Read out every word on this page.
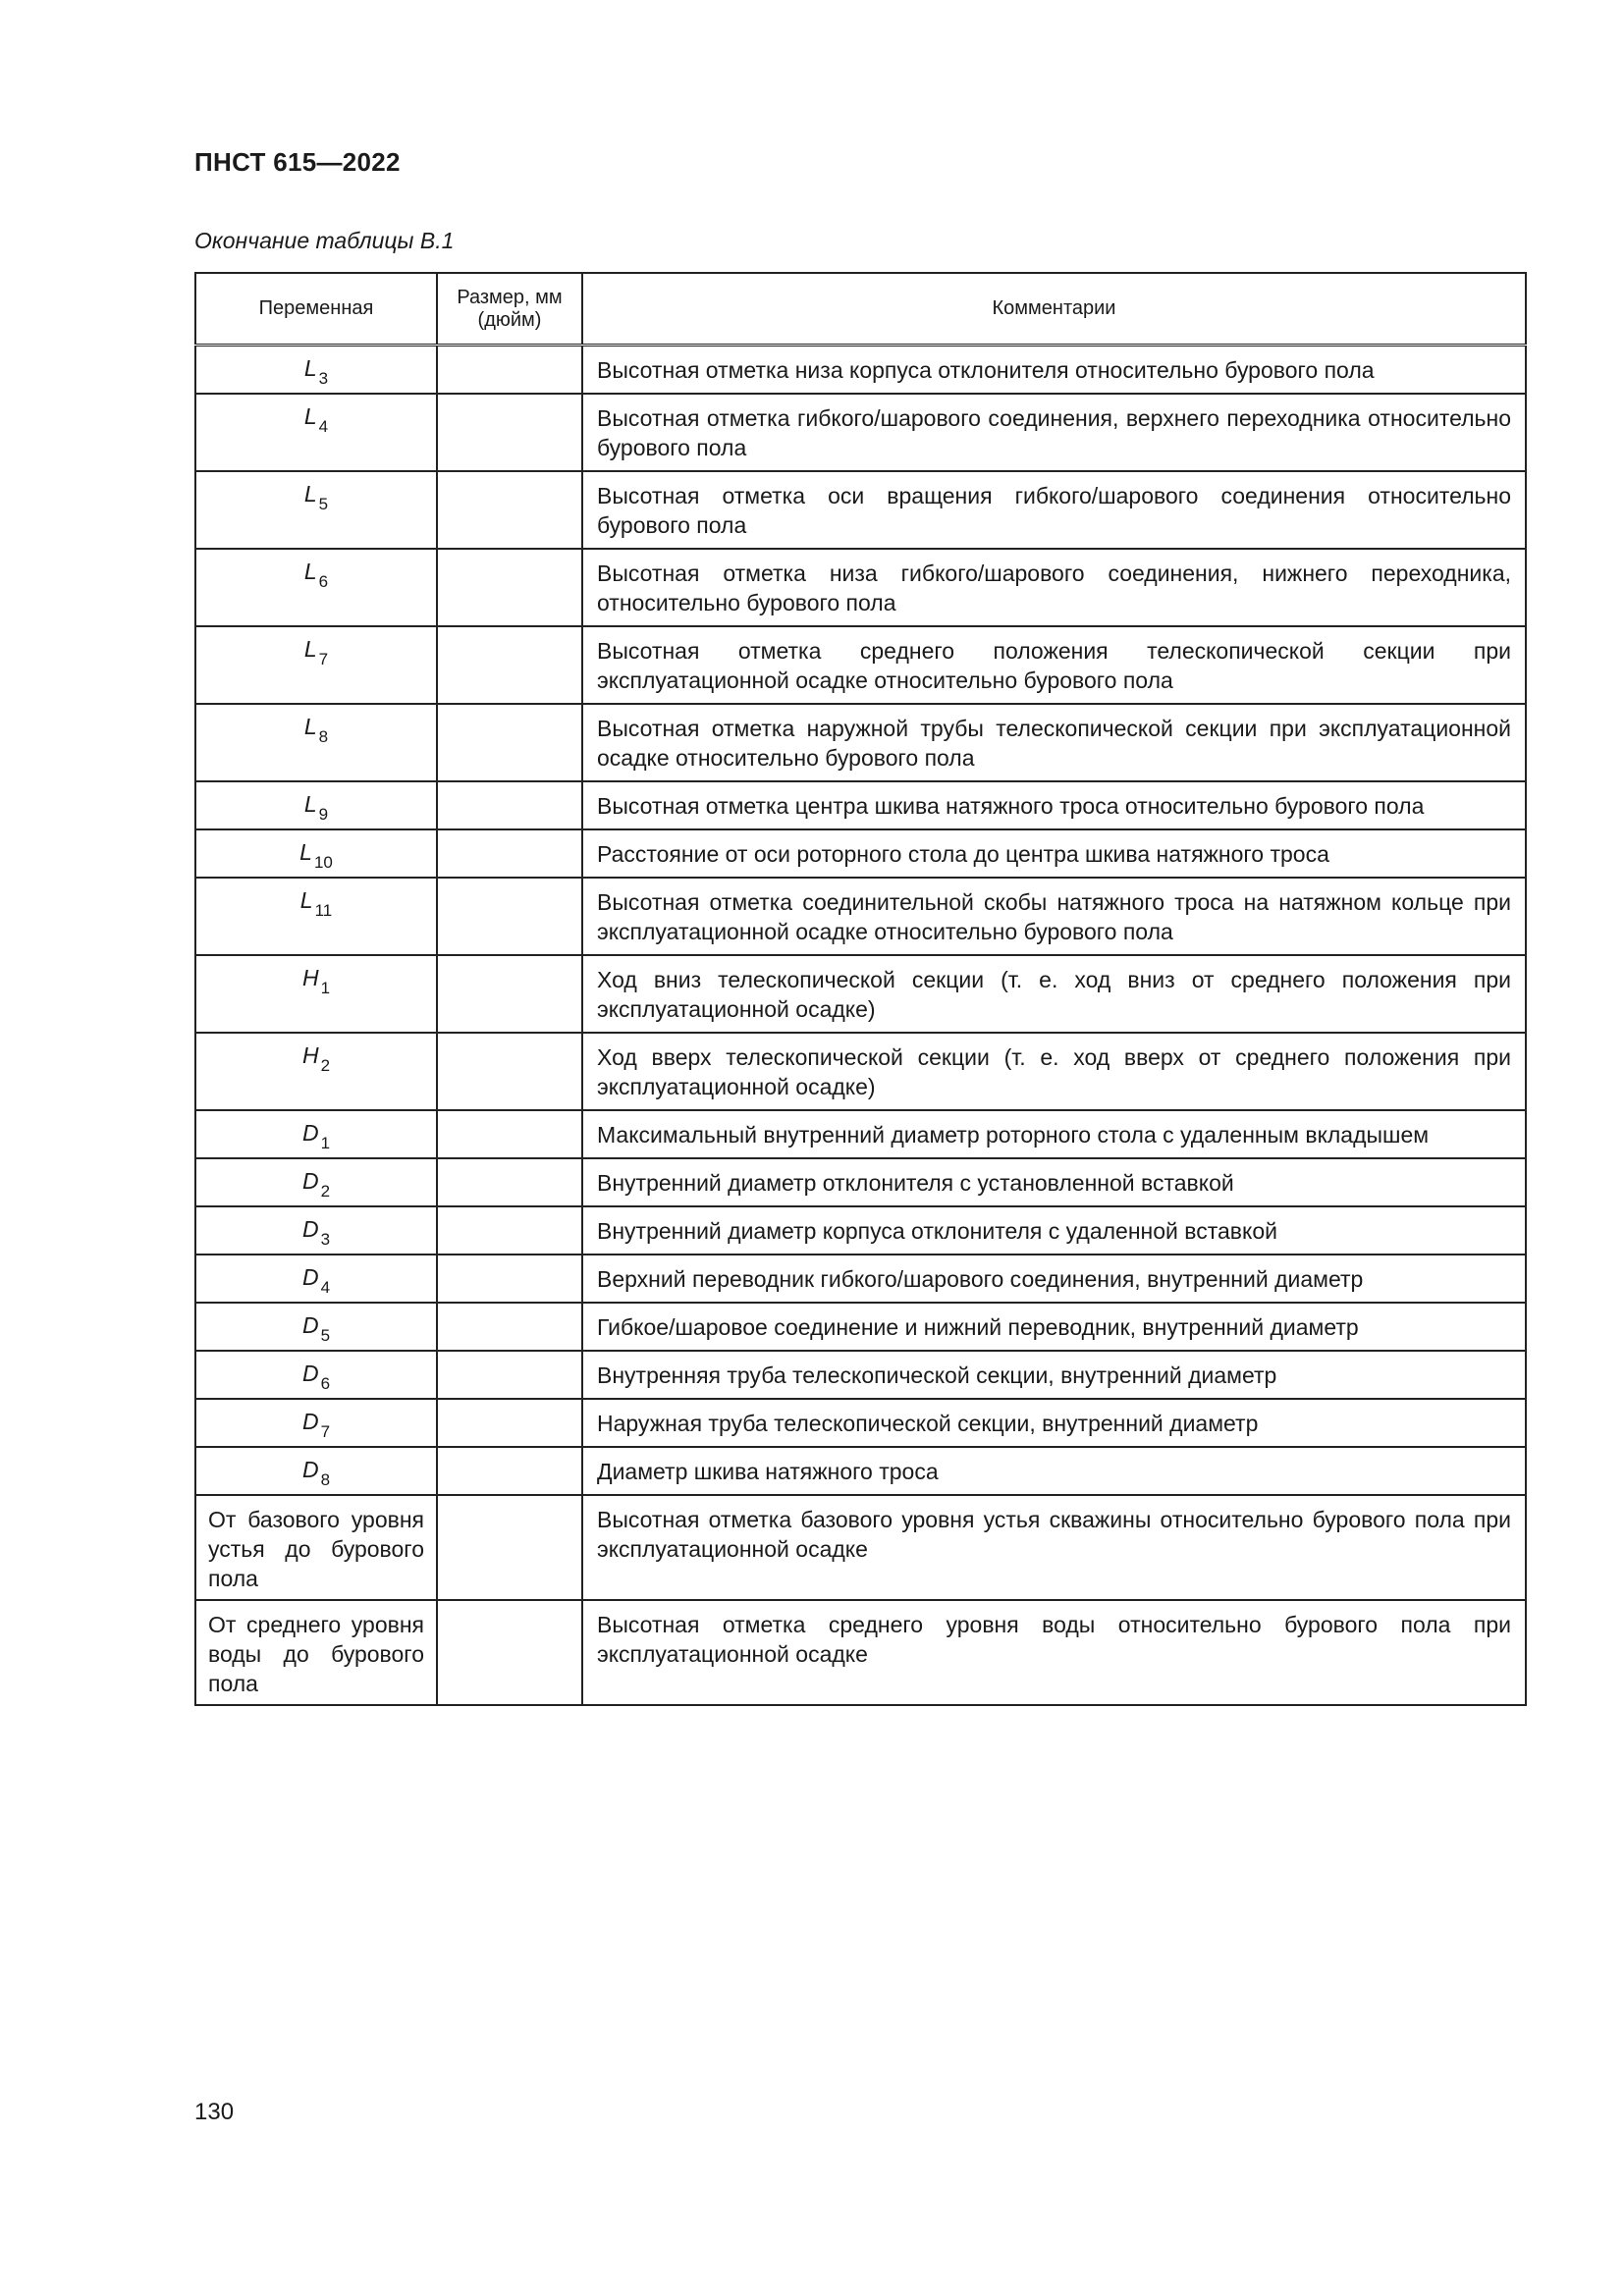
ПНСТ 615—2022
Окончание таблицы В.1
Переменная	Размер, мм (дюйм)	Комментарии
L $_3$		Высотная отметка низа корпуса отклонителя относительно бурового пола
L $_4$		Высотная отметка гибкого/шарового соединения, верхнего переходника относительно бурового пола
L $_5$		Высотная отметка оси вращения гибкого/шарового соединения относительно бурового пола
L $_6$		Высотная отметка низа гибкого/шарового соединения, нижнего переходника, относительно бурового пола
L $_7$		Высотная отметка среднего положения телескопической секции при эксплуатационной осадке относительно бурового пола
L $_8$		Высотная отметка наружной трубы телескопической секции при эксплуатационной осадке относительно бурового пола
L $_9$		Высотная отметка центра шкива натяжного троса относительно бурового пола
L $_{10}$		Расстояние от оси роторного стола до центра шкива натяжного троса
L $_{11}$		Высотная отметка соединительной скобы натяжного троса на натяжном кольце при эксплуатационной осадке относительно бурового пола
H $_1$		Ход вниз телескопической секции (т. е. ход вниз от среднего положения при эксплуатационной осадке)
H $_2$		Ход вверх телескопической секции (т. е. ход вверх от среднего положения при эксплуатационной осадке)
D $_1$		Максимальный внутренний диаметр роторного стола с удаленным вкладышем
D $_2$		Внутренний диаметр отклонителя с установленной вставкой
D $_3$		Внутренний диаметр корпуса отклонителя с удаленной вставкой
D $_4$		Верхний переводник гибкого/шарового соединения, внутренний диаметр
D $_5$		Гибкое/шаровое соединение и нижний переводник, внутренний диаметр
D $_6$		Внутренняя труба телескопической секции, внутренний диаметр
D $_7$		Наружная труба телескопической секции, внутренний диаметр
D $_8$		Диаметр шкива натяжного троса
От базового уровня устья до бурового пола		Высотная отметка базового уровня устья скважины относительно бурового пола при эксплуатационной осадке
От среднего уровня воды до бурового пола		Высотная отметка среднего уровня воды относительно бурового пола при эксплуатационной осадке
130
